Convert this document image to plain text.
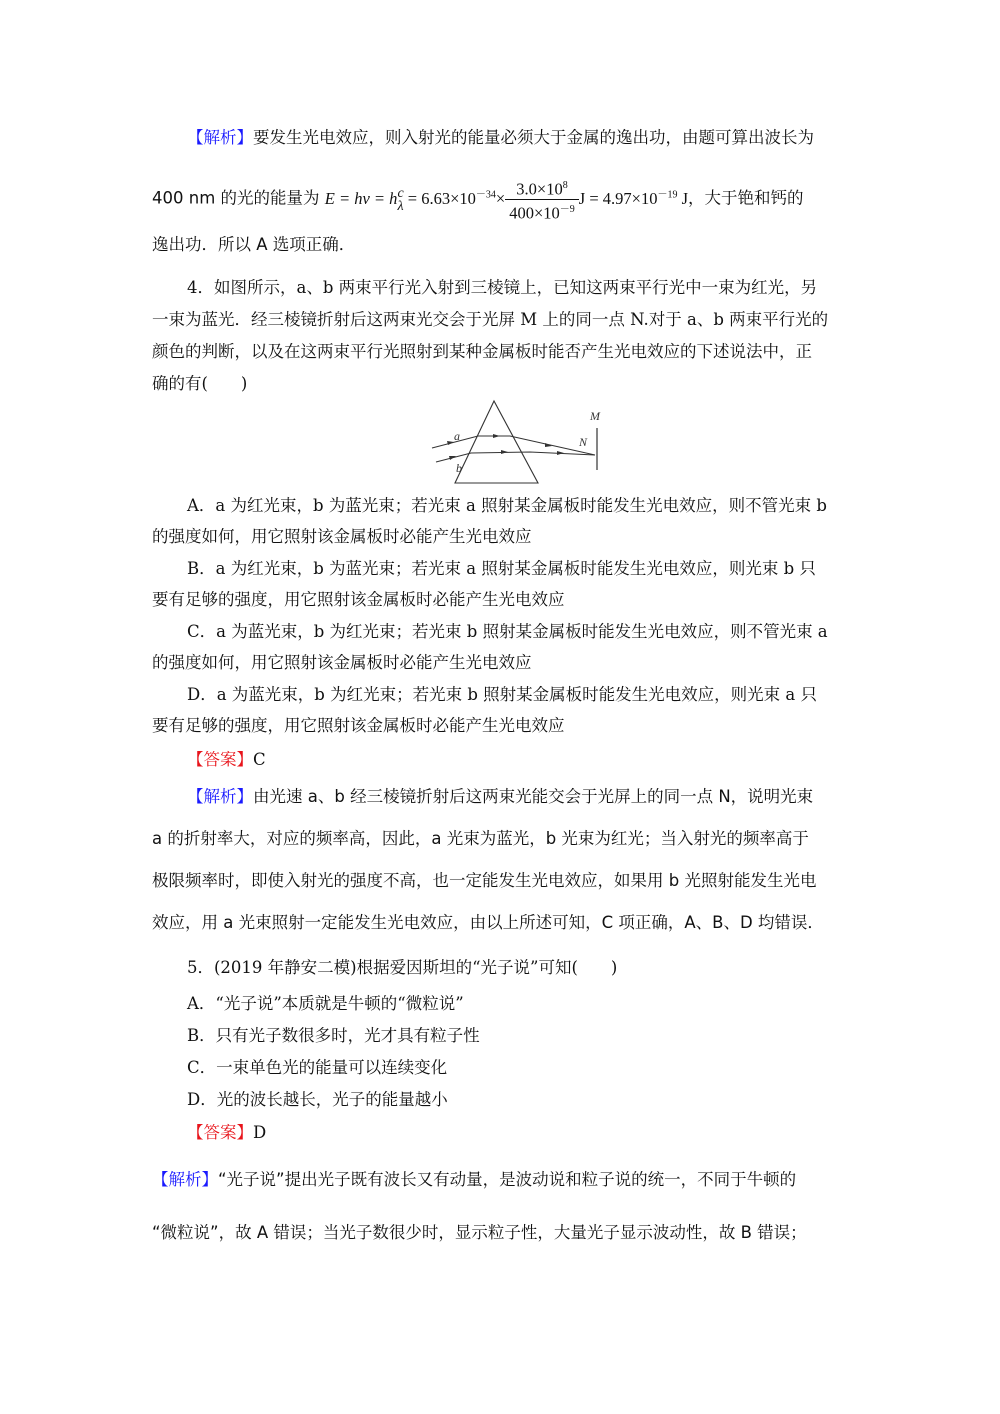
【解析】要发生光电效应，则入射光的能量必须大于金属的逸出功，由题可算出波长为
400 nm 的光的能量为 E = hν = h c
$\lambda = 6.63\times 10^{-34}\times \frac{3.0\times 10^8}{400\times 10^{-9}}$ $J = 4.97\times 10^{-19}$ J，大于铯和钙的
逸出功．所以 A 选项正确．
4．如图所示，a、b 两束平行光入射到三棱镜上，已知这两束平行光中一束为红光，另
一束为蓝光．经三棱镜折射后这两束光交会于光屏 M 上的同一点 N.对于 a、b 两束平行光的
颜色的判断，以及在这两束平行光照射到某种金属板时能否产生光电效应的下述说法中，正
确的有(　　)
a
b
M
N
A．a 为红光束，b 为蓝光束；若光束 a 照射某金属板时能发生光电效应，则不管光束 b
的强度如何，用它照射该金属板时必能产生光电效应
B．a 为红光束，b 为蓝光束；若光束 a 照射某金属板时能发生光电效应，则光束 b 只
要有足够的强度，用它照射该金属板时必能产生光电效应
C．a 为蓝光束，b 为红光束；若光束 b 照射某金属板时能发生光电效应，则不管光束 a
的强度如何，用它照射该金属板时必能产生光电效应
D．a 为蓝光束，b 为红光束；若光束 b 照射某金属板时能发生光电效应，则光束 a 只
要有足够的强度，用它照射该金属板时必能产生光电效应
【答案】C
【解析】由光速 a、b 经三棱镜折射后这两束光能交会于光屏上的同一点 N，说明光束
a 的折射率大，对应的频率高，因此，a 光束为蓝光，b 光束为红光；当入射光的频率高于
极限频率时，即使入射光的强度不高，也一定能发生光电效应，如果用 b 光照射能发生光电
效应，用 a 光束照射一定能发生光电效应，由以上所述可知，C 项正确，A、B、D 均错误．
5．(2019 年静安二模)根据爱因斯坦的“光子说”可知(　　)
A．“光子说”本质就是牛顿的“微粒说”
B．只有光子数很多时，光才具有粒子性
C．一束单色光的能量可以连续变化
D．光的波长越长，光子的能量越小
【答案】D
【解析】“光子说”提出光子既有波长又有动量，是波动说和粒子说的统一，不同于牛顿的
“微粒说”，故 A 错误；当光子数很少时，显示粒子性，大量光子显示波动性，故 B 错误；
